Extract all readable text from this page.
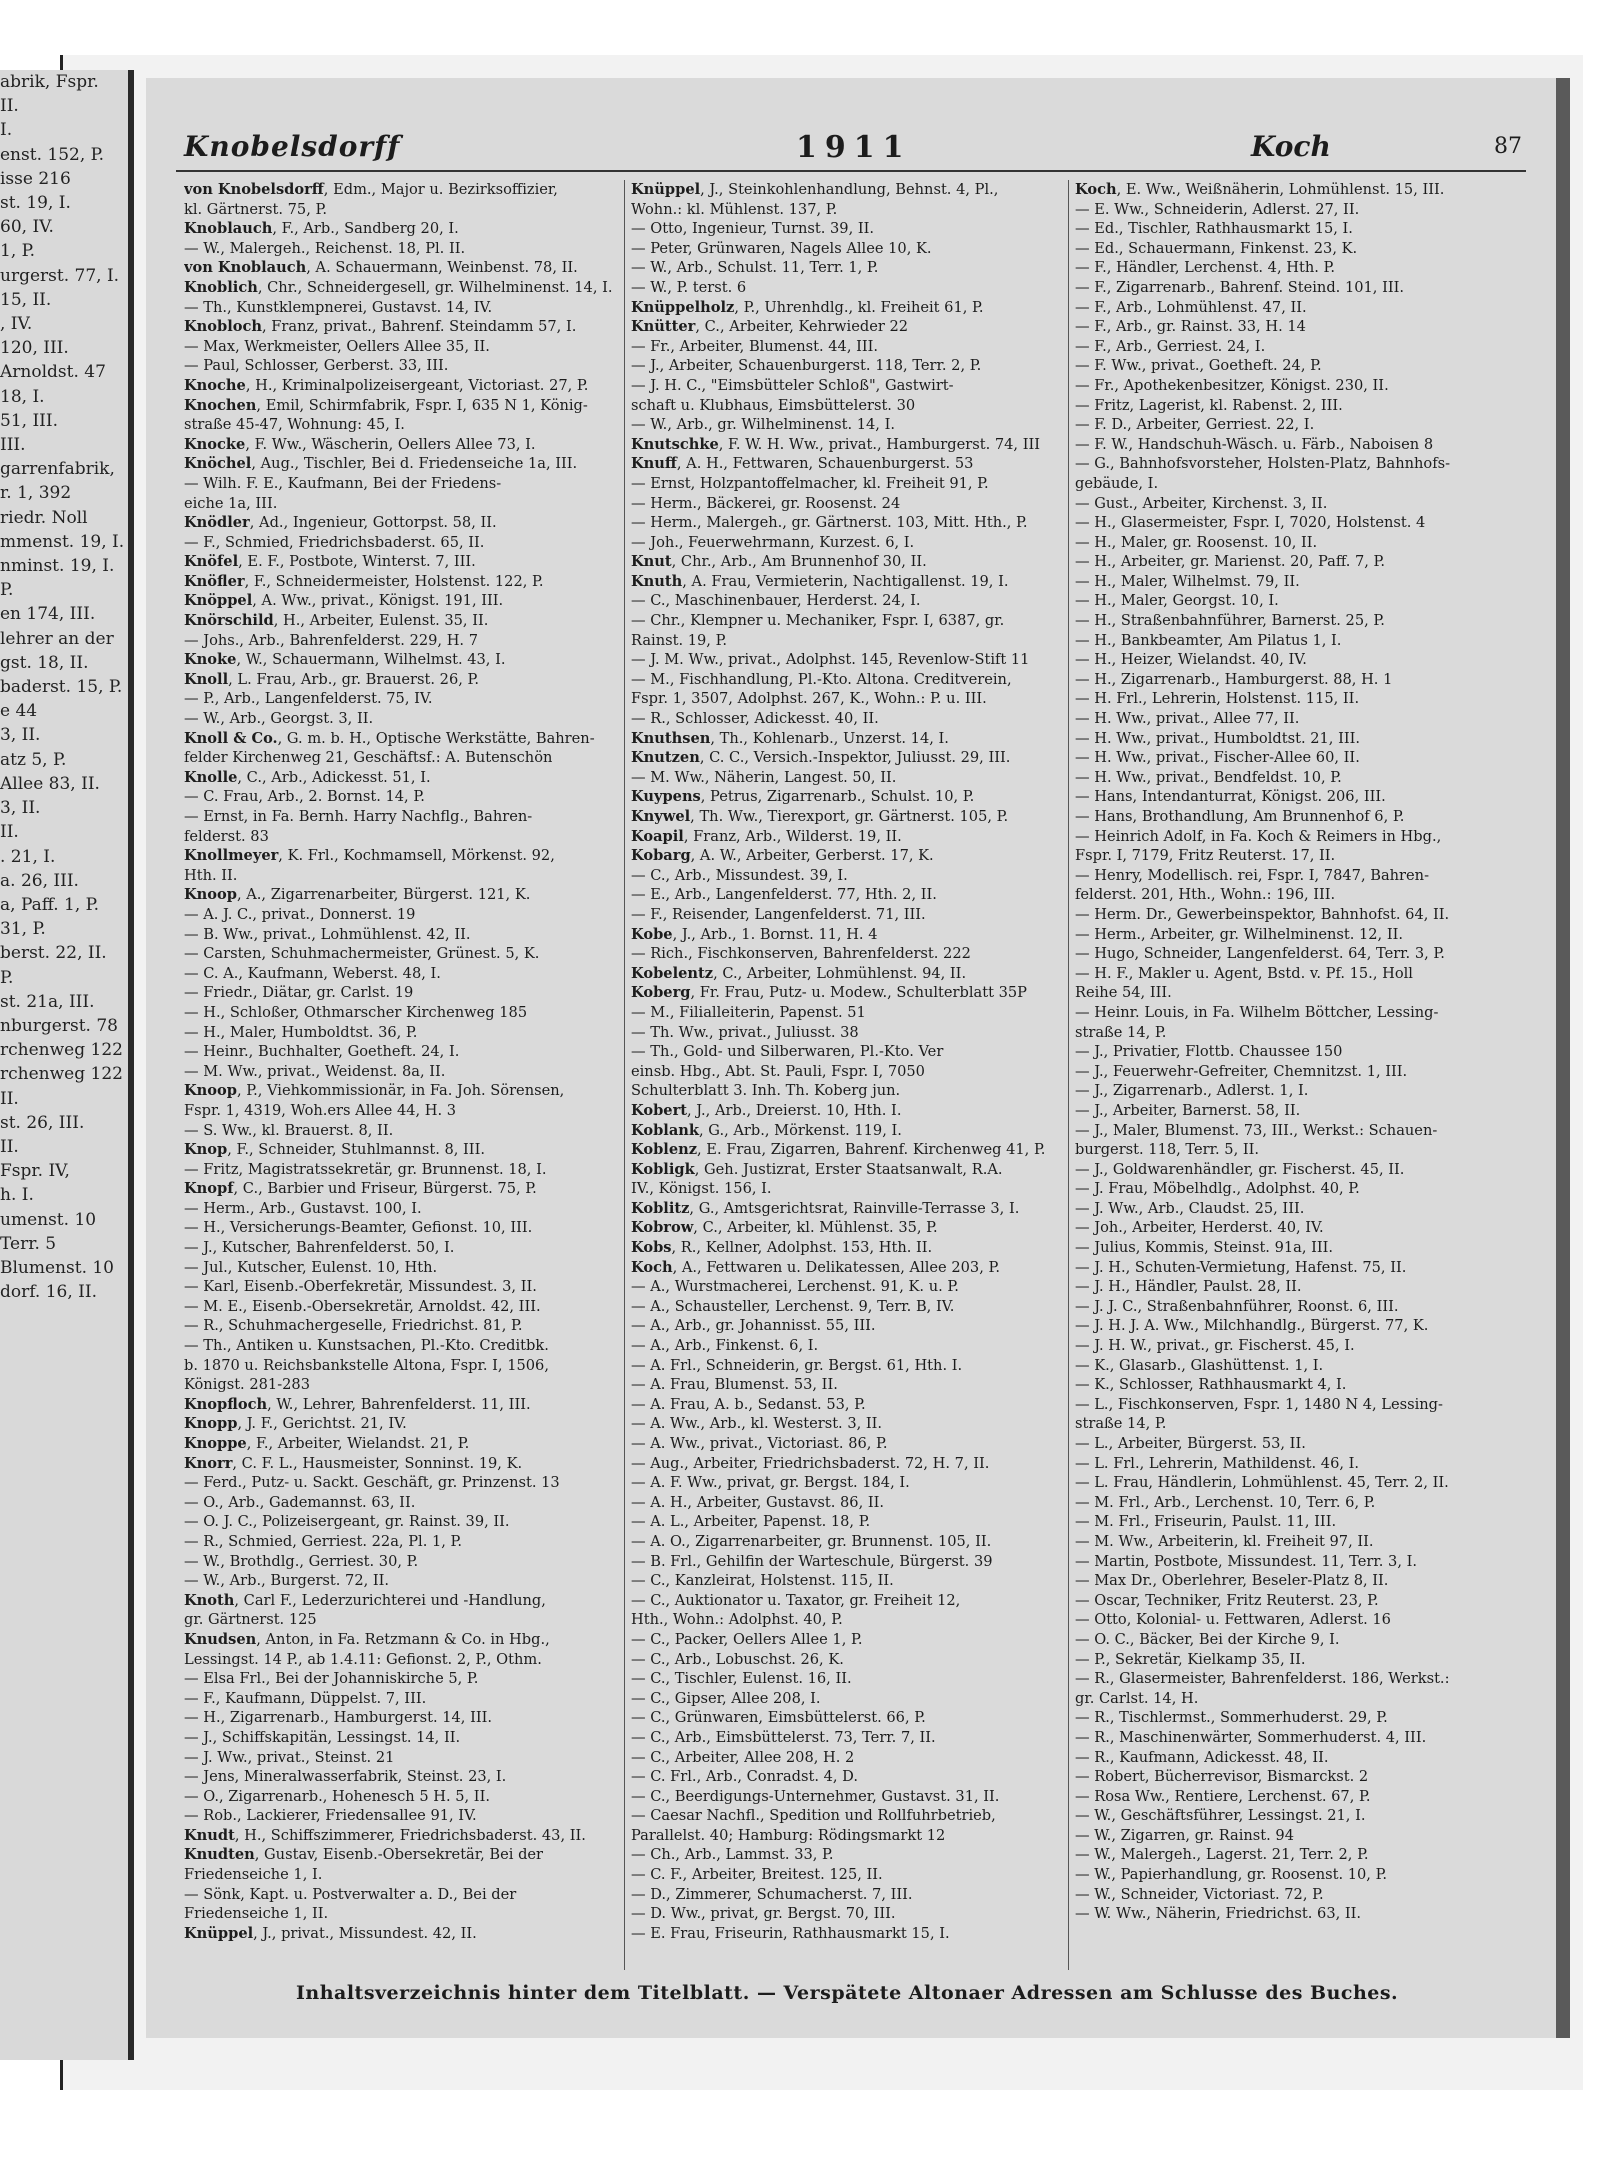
abrik, Fspr.
II.
I.
enst. 152, P.
isse 216
st. 19, I.
60, IV.
1, P.
urgerst. 77, I.
15, II.
, IV.
120, III.
Arnoldst. 47
18, I.
51, III.
III.
garrenfabrik,
r. 1, 392
riedr. Noll
mmenst. 19, I.
nminst. 19, I.
P.
en 174, III.
lehrer an der
gst. 18, II.
baderst. 15, P.
e 44
3, II.
atz 5, P.
Allee 83, II.
3, II.
II.
. 21, I.
a. 26, III.
a, Paff. 1, P.
31, P.
berst. 22, II.
P.
st. 21a, III.
nburgerst. 78
rchenweg 122
rchenweg 122
II.
st. 26, III.
II.
Fspr. IV,
h. I.
umenst. 10
Terr. 5
Blumenst. 10
dorf. 16, II.
Knobelsdorff	1911	Koch	87
von Knobelsdorff, Edm., Major u. Bezirksoffizier,
kl. Gärtnerst. 75, P.
Knoblauch, F., Arb., Sandberg 20, I.
— W., Malergeh., Reichenst. 18, Pl. II.
von Knoblauch, A. Schauermann, Weinbenst. 78, II.
Knoblich, Chr., Schneidergesell, gr. Wilhelminenst. 14, I.
— Th., Kunstklempnerei, Gustavst. 14, IV.
Knobloch, Franz, privat., Bahrenf. Steindamm 57, I.
— Max, Werkmeister, Oellers Allee 35, II.
— Paul, Schlosser, Gerberst. 33, III.
Knoche, H., Kriminalpolizeisergeant, Victoriast. 27, P.
Knochen, Emil, Schirmfabrik, Fspr. I, 635 N 1, König-
straße 45-47, Wohnung: 45, I.
Knocke, F. Ww., Wäscherin, Oellers Allee 73, I.
Knöchel, Aug., Tischler, Bei d. Friedenseiche 1a, III.
— Wilh. F. E., Kaufmann, Bei der Friedens-
eiche 1a, III.
Knödler, Ad., Ingenieur, Gottorpst. 58, II.
— F., Schmied, Friedrichsbaderst. 65, II.
Knöfel, E. F., Postbote, Winterst. 7, III.
Knöfler, F., Schneidermeister, Holstenst. 122, P.
Knöppel, A. Ww., privat., Königst. 191, III.
Knörschild, H., Arbeiter, Eulenst. 35, II.
— Johs., Arb., Bahrenfelderst. 229, H. 7
Knoke, W., Schauermann, Wilhelmst. 43, I.
Knoll, L. Frau, Arb., gr. Brauerst. 26, P.
— P., Arb., Langenfelderst. 75, IV.
— W., Arb., Georgst. 3, II.
Knoll & Co., G. m. b. H., Optische Werkstätte, Bahren-
felder Kirchenweg 21, Geschäftsf.: A. Butenschön
Knolle, C., Arb., Adickesst. 51, I.
— C. Frau, Arb., 2. Bornst. 14, P.
— Ernst, in Fa. Bernh. Harry Nachflg., Bahren-
felderst. 83
Knollmeyer, K. Frl., Kochmamsell, Mörkenst. 92,
Hth. II.
Knoop, A., Zigarrenarbeiter, Bürgerst. 121, K.
— A. J. C., privat., Donnerst. 19
— B. Ww., privat., Lohmühlenst. 42, II.
— Carsten, Schuhmachermeister, Grünest. 5, K.
— C. A., Kaufmann, Weberst. 48, I.
— Friedr., Diätar, gr. Carlst. 19
— H., Schloßer, Othmarscher Kirchenweg 185
— H., Maler, Humboldtst. 36, P.
— Heinr., Buchhalter, Goetheft. 24, I.
— M. Ww., privat., Weidenst. 8a, II.
Knoop, P., Viehkommissionär, in Fa. Joh. Sörensen,
Fspr. 1, 4319, Woh.ers Allee 44, H. 3
— S. Ww., kl. Brauerst. 8, II.
Knop, F., Schneider, Stuhlmannst. 8, III.
— Fritz, Magistratssekretär, gr. Brunnenst. 18, I.
Knopf, C., Barbier und Friseur, Bürgerst. 75, P.
— Herm., Arb., Gustavst. 100, I.
— H., Versicherungs-Beamter, Gefionst. 10, III.
— J., Kutscher, Bahrenfelderst. 50, I.
— Jul., Kutscher, Eulenst. 10, Hth.
— Karl, Eisenb.-Oberfekretär, Missundest. 3, II.
— M. E., Eisenb.-Obersekretär, Arnoldst. 42, III.
— R., Schuhmachergeselle, Friedrichst. 81, P.
— Th., Antiken u. Kunstsachen, Pl.-Kto. Creditbk.
b. 1870 u. Reichsbankstelle Altona, Fspr. I, 1506,
Königst. 281-283
Knopfloch, W., Lehrer, Bahrenfelderst. 11, III.
Knopp, J. F., Gerichtst. 21, IV.
Knoppe, F., Arbeiter, Wielandst. 21, P.
Knorr, C. F. L., Hausmeister, Sonninst. 19, K.
— Ferd., Putz- u. Sackt. Geschäft, gr. Prinzenst. 13
— O., Arb., Gademannst. 63, II.
— O. J. C., Polizeisergeant, gr. Rainst. 39, II.
— R., Schmied, Gerriest. 22a, Pl. 1, P.
— W., Brothdlg., Gerriest. 30, P.
— W., Arb., Burgerst. 72, II.
Knoth, Carl F., Lederzurichterei und -Handlung,
gr. Gärtnerst. 125
Knudsen, Anton, in Fa. Retzmann & Co. in Hbg.,
Lessingst. 14 P., ab 1.4.11: Gefionst. 2, P., Othm.
— Elsa Frl., Bei der Johanniskirche 5, P.
— F., Kaufmann, Düppelst. 7, III.
— H., Zigarrenarb., Hamburgerst. 14, III.
— J., Schiffskapitän, Lessingst. 14, II.
— J. Ww., privat., Steinst. 21
— Jens, Mineralwasserfabrik, Steinst. 23, I.
— O., Zigarrenarb., Hohenesch 5 H. 5, II.
— Rob., Lackierer, Friedensallee 91, IV.
Knudt, H., Schiffszimmerer, Friedrichsbaderst. 43, II.
Knudten, Gustav, Eisenb.-Obersekretär, Bei der
Friedenseiche 1, I.
— Sönk, Kapt. u. Postverwalter a. D., Bei der
Friedenseiche 1, II.
Knüppel, J., privat., Missundest. 42, II.
Knüppel, J., Steinkohlenhandlung, Behnst. 4, Pl.,
Wohn.: kl. Mühlenst. 137, P.
— Otto, Ingenieur, Turnst. 39, II.
— Peter, Grünwaren, Nagels Allee 10, K.
— W., Arb., Schulst. 11, Terr. 1, P.
— W., P. terst. 6
Knüppelholz, P., Uhrenhdlg., kl. Freiheit 61, P.
Knütter, C., Arbeiter, Kehrwieder 22
— Fr., Arbeiter, Blumenst. 44, III.
— J., Arbeiter, Schauenburgerst. 118, Terr. 2, P.
— J. H. C., "Eimsbütteler Schloß", Gastwirt-
schaft u. Klubhaus, Eimsbüttelerst. 30
— W., Arb., gr. Wilhelminenst. 14, I.
Knutschke, F. W. H. Ww., privat., Hamburgerst. 74, III
Knuff, A. H., Fettwaren, Schauenburgerst. 53
— Ernst, Holzpantoffelmacher, kl. Freiheit 91, P.
— Herm., Bäckerei, gr. Roosenst. 24
— Herm., Malergeh., gr. Gärtnerst. 103, Mitt. Hth., P.
— Joh., Feuerwehrmann, Kurzest. 6, I.
Knut, Chr., Arb., Am Brunnenhof 30, II.
Knuth, A. Frau, Vermieterin, Nachtigallenst. 19, I.
— C., Maschinenbauer, Herderst. 24, I.
— Chr., Klempner u. Mechaniker, Fspr. I, 6387, gr.
Rainst. 19, P.
— J. M. Ww., privat., Adolphst. 145, Revenlow-Stift 11
— M., Fischhandlung, Pl.-Kto. Altona. Creditverein,
Fspr. 1, 3507, Adolphst. 267, K., Wohn.: P. u. III.
— R., Schlosser, Adickesst. 40, II.
Knuthsen, Th., Kohlenarb., Unzerst. 14, I.
Knutzen, C. C., Versich.-Inspektor, Juliusst. 29, III.
— M. Ww., Näherin, Langest. 50, II.
Kuypens, Petrus, Zigarrenarb., Schulst. 10, P.
Knywel, Th. Ww., Tierexport, gr. Gärtnerst. 105, P.
Koapil, Franz, Arb., Wilderst. 19, II.
Kobarg, A. W., Arbeiter, Gerberst. 17, K.
— C., Arb., Missundest. 39, I.
— E., Arb., Langenfelderst. 77, Hth. 2, II.
— F., Reisender, Langenfelderst. 71, III.
Kobe, J., Arb., 1. Bornst. 11, H. 4
— Rich., Fischkonserven, Bahrenfelderst. 222
Kobelentz, C., Arbeiter, Lohmühlenst. 94, II.
Koberg, Fr. Frau, Putz- u. Modew., Schulterblatt 35P
— M., Filialleiterin, Papenst. 51
— Th. Ww., privat., Juliusst. 38
— Th., Gold- und Silberwaren, Pl.-Kto. Ver
einsb. Hbg., Abt. St. Pauli, Fspr. I, 7050
Schulterblatt 3. Inh. Th. Koberg jun.
Kobert, J., Arb., Dreierst. 10, Hth. I.
Koblank, G., Arb., Mörkenst. 119, I.
Koblenz, E. Frau, Zigarren, Bahrenf. Kirchenweg 41, P.
Kobligk, Geh. Justizrat, Erster Staatsanwalt, R.A.
IV., Königst. 156, I.
Koblitz, G., Amtsgerichtsrat, Rainville-Terrasse 3, I.
Kobrow, C., Arbeiter, kl. Mühlenst. 35, P.
Kobs, R., Kellner, Adolphst. 153, Hth. II.
Koch, A., Fettwaren u. Delikatessen, Allee 203, P.
— A., Wurstmacherei, Lerchenst. 91, K. u. P.
— A., Schausteller, Lerchenst. 9, Terr. B, IV.
— A., Arb., gr. Johannisst. 55, III.
— A., Arb., Finkenst. 6, I.
— A. Frl., Schneiderin, gr. Bergst. 61, Hth. I.
— A. Frau, Blumenst. 53, II.
— A. Frau, A. b., Sedanst. 53, P.
— A. Ww., Arb., kl. Westerst. 3, II.
— A. Ww., privat., Victoriast. 86, P.
— Aug., Arbeiter, Friedrichsbaderst. 72, H. 7, II.
— A. F. Ww., privat, gr. Bergst. 184, I.
— A. H., Arbeiter, Gustavst. 86, II.
— A. L., Arbeiter, Papenst. 18, P.
— A. O., Zigarrenarbeiter, gr. Brunnenst. 105, II.
— B. Frl., Gehilfin der Warteschule, Bürgerst. 39
— C., Kanzleirat, Holstenst. 115, II.
— C., Auktionator u. Taxator, gr. Freiheit 12,
Hth., Wohn.: Adolphst. 40, P.
— C., Packer, Oellers Allee 1, P.
— C., Arb., Lobuschst. 26, K.
— C., Tischler, Eulenst. 16, II.
— C., Gipser, Allee 208, I.
— C., Grünwaren, Eimsbüttelerst. 66, P.
— C., Arb., Eimsbüttelerst. 73, Terr. 7, II.
— C., Arbeiter, Allee 208, H. 2
— C. Frl., Arb., Conradst. 4, D.
— C., Beerdigungs-Unternehmer, Gustavst. 31, II.
— Caesar Nachfl., Spedition und Rollfuhrbetrieb,
Parallelst. 40; Hamburg: Rödingsmarkt 12
— Ch., Arb., Lammst. 33, P.
— C. F., Arbeiter, Breitest. 125, II.
— D., Zimmerer, Schumacherst. 7, III.
— D. Ww., privat, gr. Bergst. 70, III.
— E. Frau, Friseurin, Rathhausmarkt 15, I.
Koch, E. Ww., Weißnäherin, Lohmühlenst. 15, III.
— E. Ww., Schneiderin, Adlerst. 27, II.
— Ed., Tischler, Rathhausmarkt 15, I.
— Ed., Schauermann, Finkenst. 23, K.
— F., Händler, Lerchenst. 4, Hth. P.
— F., Zigarrenarb., Bahrenf. Steind. 101, III.
— F., Arb., Lohmühlenst. 47, II.
— F., Arb., gr. Rainst. 33, H. 14
— F., Arb., Gerriest. 24, I.
— F. Ww., privat., Goetheft. 24, P.
— Fr., Apothekenbesitzer, Königst. 230, II.
— Fritz, Lagerist, kl. Rabenst. 2, III.
— F. D., Arbeiter, Gerriest. 22, I.
— F. W., Handschuh-Wäsch. u. Färb., Naboisen 8
— G., Bahnhofsvorsteher, Holsten-Platz, Bahnhofs-
gebäude, I.
— Gust., Arbeiter, Kirchenst. 3, II.
— H., Glasermeister, Fspr. I, 7020, Holstenst. 4
— H., Maler, gr. Roosenst. 10, II.
— H., Arbeiter, gr. Marienst. 20, Paff. 7, P.
— H., Maler, Wilhelmst. 79, II.
— H., Maler, Georgst. 10, I.
— H., Straßenbahnführer, Barnerst. 25, P.
— H., Bankbeamter, Am Pilatus 1, I.
— H., Heizer, Wielandst. 40, IV.
— H., Zigarrenarb., Hamburgerst. 88, H. 1
— H. Frl., Lehrerin, Holstenst. 115, II.
— H. Ww., privat., Allee 77, II.
— H. Ww., privat., Humboldtst. 21, III.
— H. Ww., privat., Fischer-Allee 60, II.
— H. Ww., privat., Bendfeldst. 10, P.
— Hans, Intendanturrat, Königst. 206, III.
— Hans, Brothandlung, Am Brunnenhof 6, P.
— Heinrich Adolf, in Fa. Koch & Reimers in Hbg.,
Fspr. I, 7179, Fritz Reuterst. 17, II.
— Henry, Modellisch. rei, Fspr. I, 7847, Bahren-
felderst. 201, Hth., Wohn.: 196, III.
— Herm. Dr., Gewerbeinspektor, Bahnhofst. 64, II.
— Herm., Arbeiter, gr. Wilhelminenst. 12, II.
— Hugo, Schneider, Langenfelderst. 64, Terr. 3, P.
— H. F., Makler u. Agent, Bstd. v. Pf. 15., Holl
Reihe 54, III.
— Heinr. Louis, in Fa. Wilhelm Böttcher, Lessing-
straße 14, P.
— J., Privatier, Flottb. Chaussee 150
— J., Feuerwehr-Gefreiter, Chemnitzst. 1, III.
— J., Zigarrenarb., Adlerst. 1, I.
— J., Arbeiter, Barnerst. 58, II.
— J., Maler, Blumenst. 73, III., Werkst.: Schauen-
burgerst. 118, Terr. 5, II.
— J., Goldwarenhändler, gr. Fischerst. 45, II.
— J. Frau, Möbelhdlg., Adolphst. 40, P.
— J. Ww., Arb., Claudst. 25, III.
— Joh., Arbeiter, Herderst. 40, IV.
— Julius, Kommis, Steinst. 91a, III.
— J. H., Schuten-Vermietung, Hafenst. 75, II.
— J. H., Händler, Paulst. 28, II.
— J. J. C., Straßenbahnführer, Roonst. 6, III.
— J. H. J. A. Ww., Milchhandlg., Bürgerst. 77, K.
— J. H. W., privat., gr. Fischerst. 45, I.
— K., Glasarb., Glashüttenst. 1, I.
— K., Schlosser, Rathhausmarkt 4, I.
— L., Fischkonserven, Fspr. 1, 1480 N 4, Lessing-
straße 14, P.
— L., Arbeiter, Bürgerst. 53, II.
— L. Frl., Lehrerin, Mathildenst. 46, I.
— L. Frau, Händlerin, Lohmühlenst. 45, Terr. 2, II.
— M. Frl., Arb., Lerchenst. 10, Terr. 6, P.
— M. Frl., Friseurin, Paulst. 11, III.
— M. Ww., Arbeiterin, kl. Freiheit 97, II.
— Martin, Postbote, Missundest. 11, Terr. 3, I.
— Max Dr., Oberlehrer, Beseler-Platz 8, II.
— Oscar, Techniker, Fritz Reuterst. 23, P.
— Otto, Kolonial- u. Fettwaren, Adlerst. 16
— O. C., Bäcker, Bei der Kirche 9, I.
— P., Sekretär, Kielkamp 35, II.
— R., Glasermeister, Bahrenfelderst. 186, Werkst.:
gr. Carlst. 14, H.
— R., Tischlermst., Sommerhuderst. 29, P.
— R., Maschinenwärter, Sommerhuderst. 4, III.
— R., Kaufmann, Adickesst. 48, II.
— Robert, Bücherrevisor, Bismarckst. 2
— Rosa Ww., Rentiere, Lerchenst. 67, P.
— W., Geschäftsführer, Lessingst. 21, I.
— W., Zigarren, gr. Rainst. 94
— W., Malergeh., Lagerst. 21, Terr. 2, P.
— W., Papierhandlung, gr. Roosenst. 10, P.
— W., Schneider, Victoriast. 72, P.
— W. Ww., Näherin, Friedrichst. 63, II.
Inhaltsverzeichnis hinter dem Titelblatt. — Verspätete Altonaer Adressen am Schlusse des Buches.
